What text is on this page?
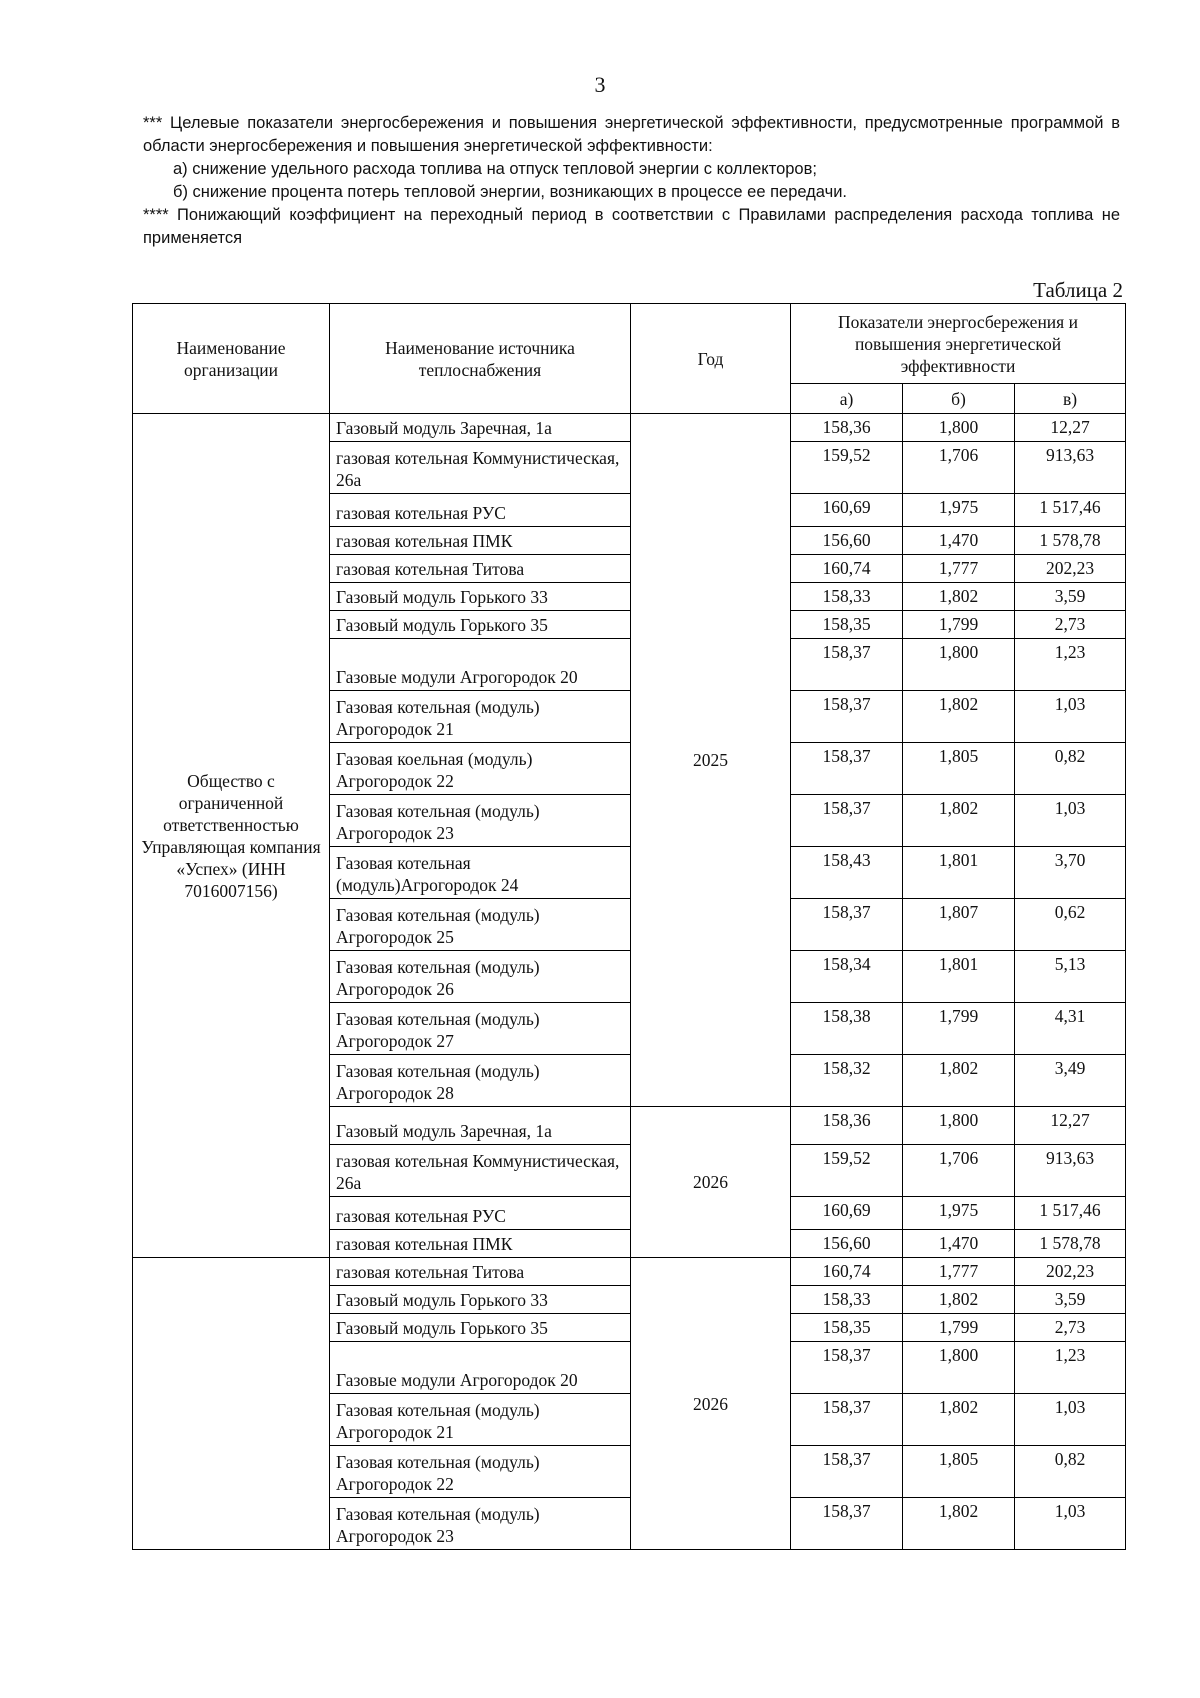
3

*** Целевые показатели энергосбережения и повышения энергетической эффективности, предусмотренные программой в области энергосбережения и повышения энергетической эффективности:

а) снижение удельного расхода топлива на отпуск тепловой энергии с коллекторов;

б) снижение процента потерь тепловой энергии, возникающих в процессе ее передачи.

**** Понижающий коэффициент на переходный период в соответствии с Правилами распределения расхода топлива не применяется

Таблица 2
Наименование организации	Наименование источника теплоснабжения	Год	Показатели энергосбережения и повышения энергетической эффективности		
			а)	б)	в)
Общество с ограниченной ответственностью Управляющая компания «Успех» (ИНН 7016007156)	Газовый модуль Заречная, 1а	2025	158,36	1,800	12,27
	газовая котельная Коммунистическая, 26а		159,52	1,706	913,63
	газовая котельная РУС		160,69	1,975	1 517,46
	газовая котельная ПМК		156,60	1,470	1 578,78
	газовая котельная Титова		160,74	1,777	202,23
	Газовый модуль Горького 33		158,33	1,802	3,59
	Газовый модуль Горького 35		158,35	1,799	2,73
	Газовые модули Агрогородок 20		158,37	1,800	1,23
	Газовая котельная (модуль) Агрогородок 21		158,37	1,802	1,03
	Газовая коельная (модуль) Агрогородок 22		158,37	1,805	0,82
	Газовая котельная (модуль) Агрогородок 23		158,37	1,802	1,03
	Газовая котельная (модуль)Агрогородок 24		158,43	1,801	3,70
	Газовая котельная (модуль) Агрогородок 25		158,37	1,807	0,62
	Газовая котельная (модуль) Агрогородок 26		158,34	1,801	5,13
	Газовая котельная (модуль) Агрогородок 27		158,38	1,799	4,31
	Газовая котельная (модуль) Агрогородок 28		158,32	1,802	3,49
	Газовый модуль Заречная, 1а	2026	158,36	1,800	12,27
	газовая котельная Коммунистическая, 26а		159,52	1,706	913,63
	газовая котельная РУС		160,69	1,975	1 517,46
	газовая котельная ПМК		156,60	1,470	1 578,78
	газовая котельная Титова	2026	160,74	1,777	202,23
	Газовый модуль Горького 33		158,33	1,802	3,59
	Газовый модуль Горького 35		158,35	1,799	2,73
	Газовые модули Агрогородок 20		158,37	1,800	1,23
	Газовая котельная (модуль) Агрогородок 21		158,37	1,802	1,03
	Газовая котельная (модуль) Агрогородок 22		158,37	1,805	0,82
	Газовая котельная (модуль) Агрогородок 23		158,37	1,802	1,03
